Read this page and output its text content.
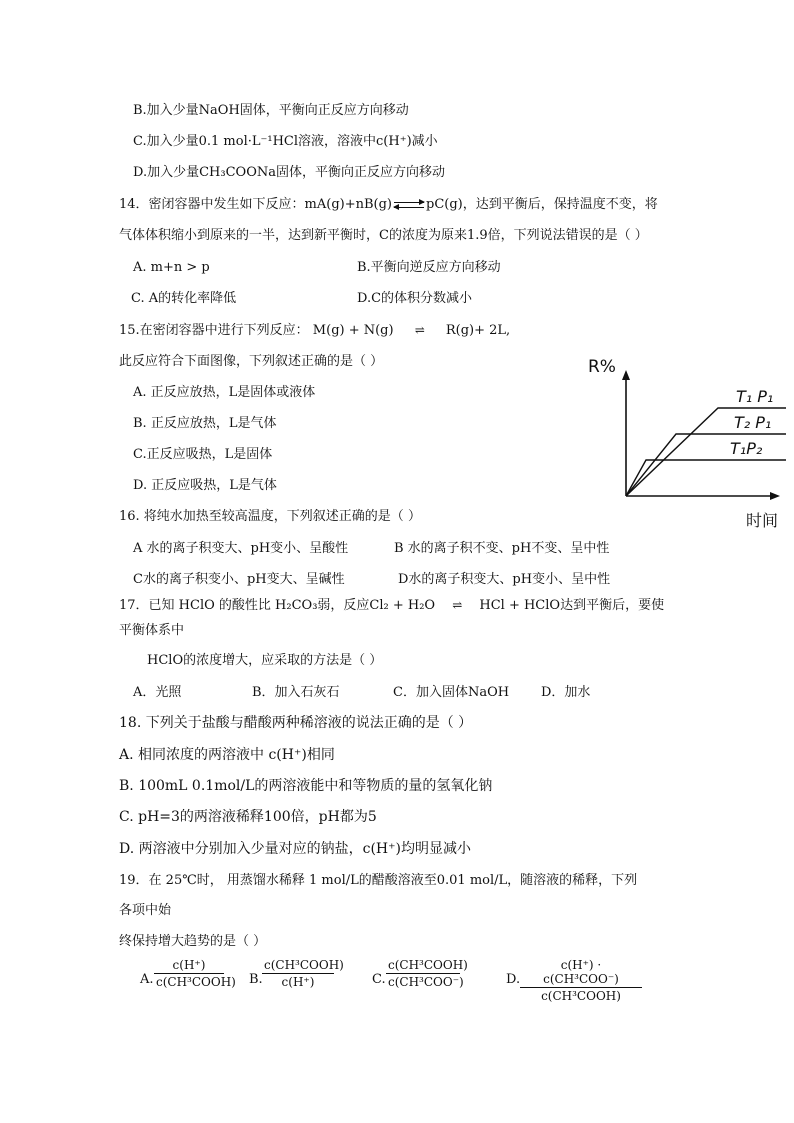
B.加入少量NaOH固体，平衡向正反应方向移动
C.加入少量0.1 mol·L⁻¹HCl溶液，溶液中c(H⁺)减小
D.加入少量CH₃COONa固体，平衡向正反应方向移动
14．密闭容器中发生如下反应：mA(g)+nB(g)⇌pC(g)，达到平衡后，保持温度不变，将
气体体积缩小到原来的一半，达到新平衡时，C的浓度为原来1.9倍，下列说法错误的是（ ）
A. m+n > p	B.平衡向逆反应方向移动
C. A的转化率降低	D.C的体积分数减小
15.在密闭容器中进行下列反应： M(g) + N(g) ⇌ R(g)+ 2L,
此反应符合下面图像，下列叙述正确的是（ ）
A. 正反应放热，L是固体或液体
B. 正反应放热，L是气体
C.正反应吸热，L是固体
D. 正反应吸热，L是气体
R%
时间
T₁ P₁
T₂ P₁
T₁P₂
16. 将纯水加热至较高温度，下列叙述正确的是（ ）
A 水的离子积变大、pH变小、呈酸性	B 水的离子积不变、pH不变、呈中性
C水的离子积变小、pH变大、呈碱性	D水的离子积变大、pH变小、呈中性
17．已知 HClO 的酸性比 H₂CO₃弱，反应Cl₂ + H₂O ⇌ HCl + HClO达到平衡后，要使
平衡体系中
HClO的浓度增大，应采取的方法是（ ）
A．光照	B．加入石灰石	C．加入固体NaOH D．加水
18. 下列关于盐酸与醋酸两种稀溶液的说法正确的是（ ）
A. 相同浓度的两溶液中 c(H⁺)相同
B. 100mL 0.1mol/L的两溶液能中和等物质的量的氢氧化钠
C. pH=3的两溶液稀释100倍，pH都为5
D. 两溶液中分别加入少量对应的钠盐，c(H⁺)均明显减小
19．在 25℃时， 用蒸馏水稀释 1 mol/L的醋酸溶液至0.01 mol/L，随溶液的稀释，下列
各项中始
终保持增大趋势的是（ ）
A.
c(H⁺)
c(CH³COOH) B.
c(CH³COOH)
c(H⁺)	C.
c(CH³COOH)
c(CH³COO⁻)	D.
c(H⁺) · c(CH³COO⁻)
c(CH³COOH)
